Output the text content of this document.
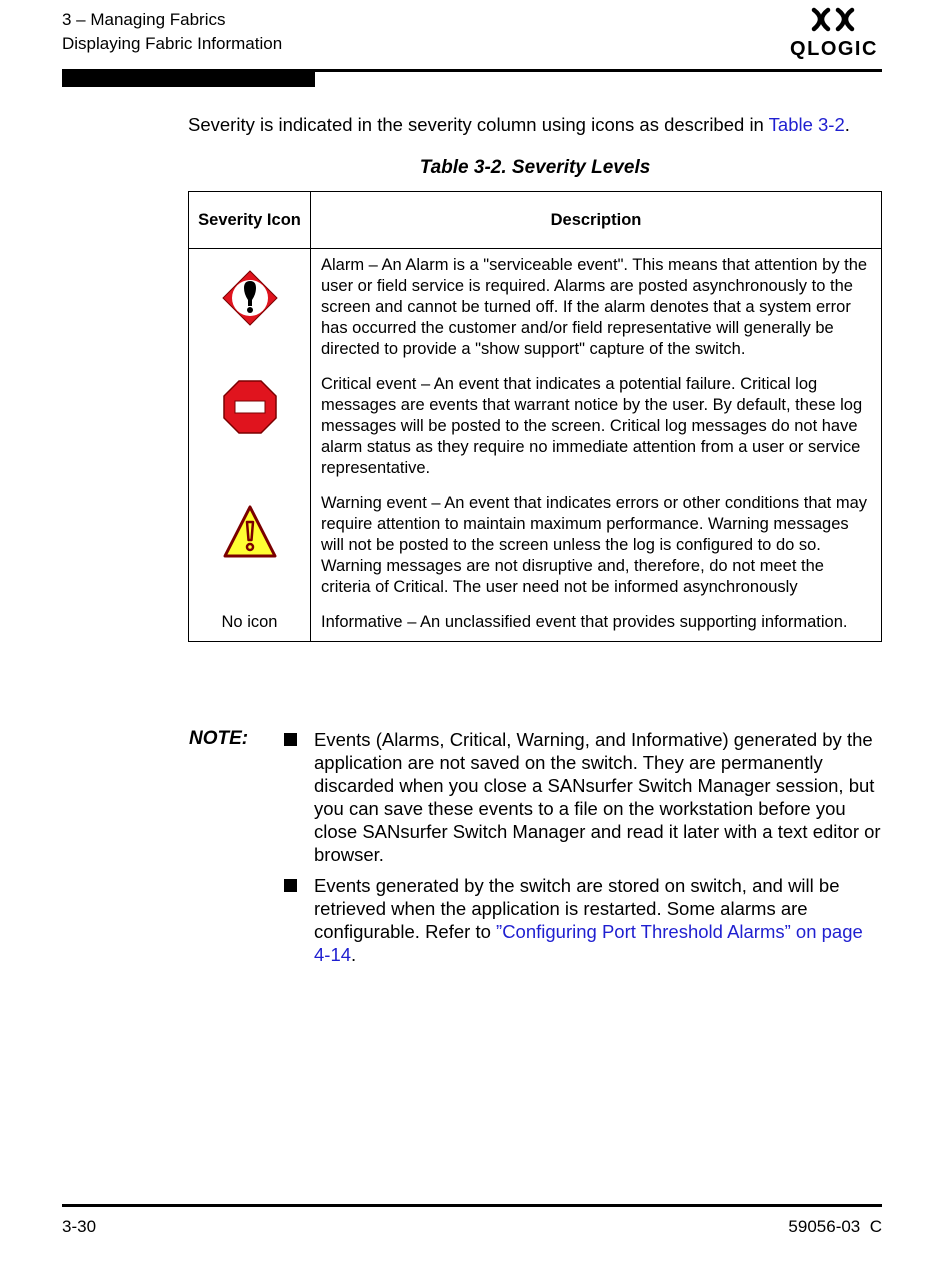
3 – Managing Fabrics
Displaying Fabric Information	QLOGIC
Severity is indicated in the severity column using icons as described in Table 3-2.
Table 3-2. Severity Levels
Severity Icon	Description

Alarm – An Alarm is a "serviceable event". This means that attention by the user or field service is required. Alarms are posted asynchronously to the screen and cannot be turned off. If the alarm denotes that a system error has occurred the customer and/or field representative will generally be directed to provide a "show support" capture of the switch.

Critical event – An event that indicates a potential failure. Critical log messages are events that warrant notice by the user. By default, these log messages will be posted to the screen. Critical log messages do not have alarm status as they require no immediate attention from a user or service representative.

Warning event – An event that indicates errors or other conditions that may require attention to maintain maximum performance. Warning messages will not be posted to the screen unless the log is configured to do so. Warning messages are not disruptive and, therefore, do not meet the criteria of Critical. The user need not be informed asynchronously

No icon	Informative – An unclassified event that provides supporting information.
NOTE:	Events (Alarms, Critical, Warning, and Informative) generated by the application are not saved on the switch. They are permanently discarded when you close a SANsurfer Switch Manager session, but you can save these events to a file on the workstation before you close SANsurfer Switch Manager and read it later with a text editor or browser.
Events generated by the switch are stored on switch, and will be retrieved when the application is restarted. Some alarms are configurable. Refer to ”Configuring Port Threshold Alarms” on page 4-14.
3-30	59056-03  C
